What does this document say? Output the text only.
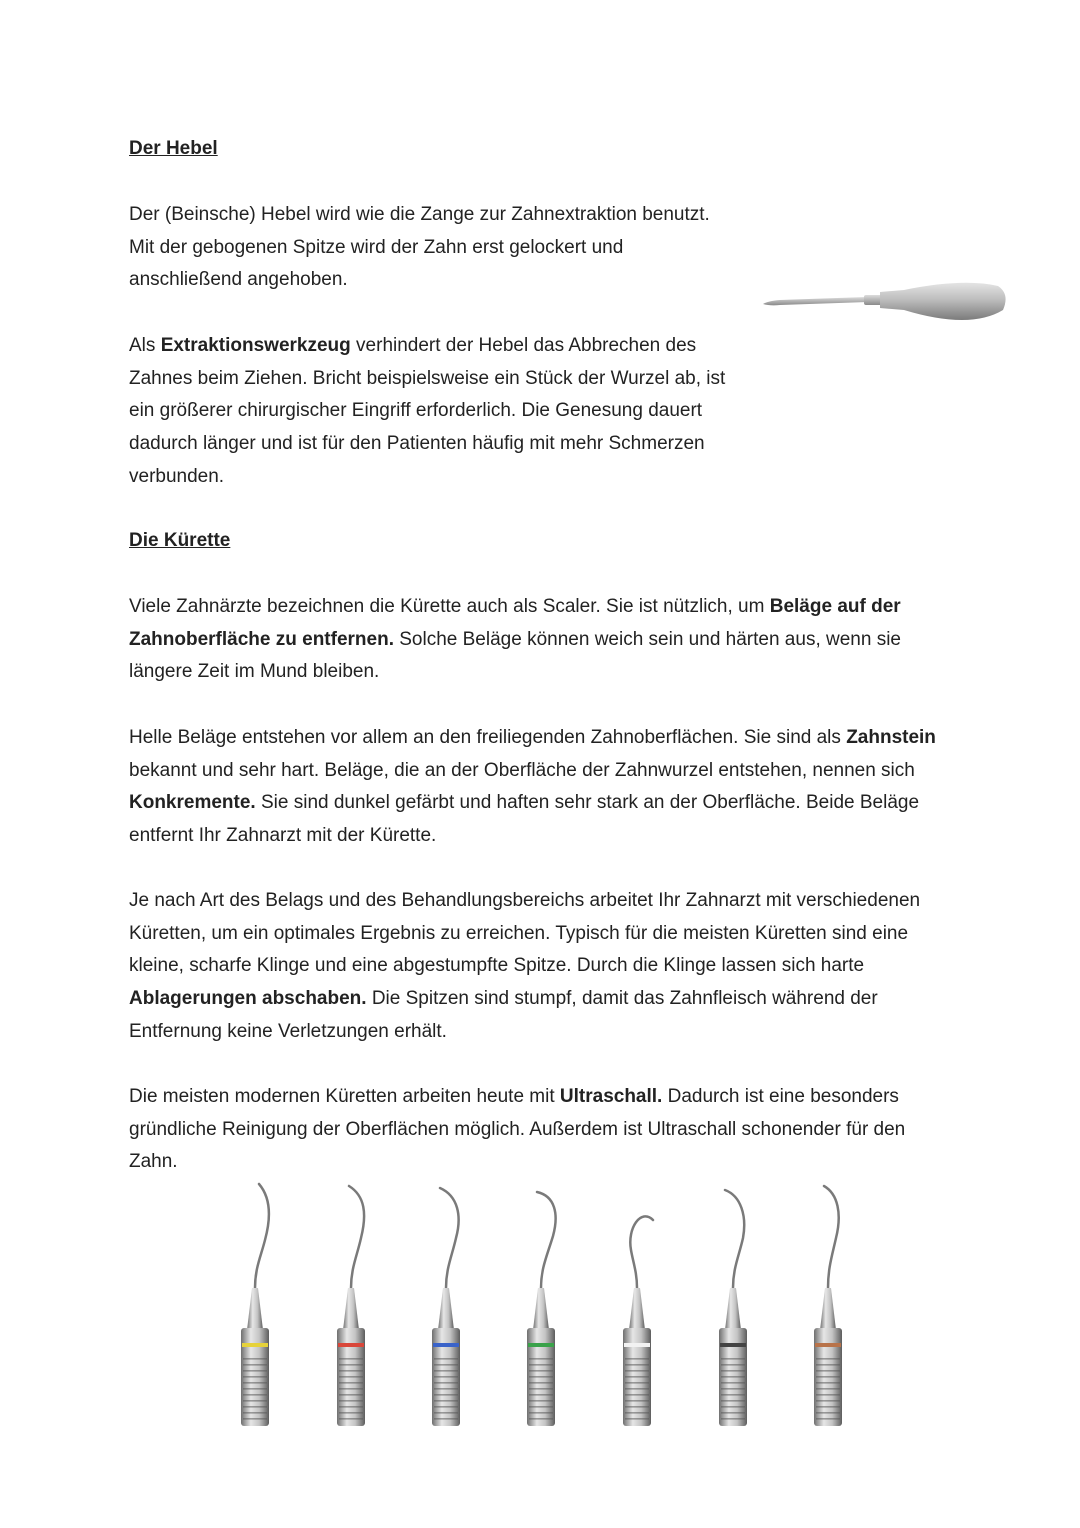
Der Hebel

Der (Beinsche) Hebel wird wie die Zange zur Zahnextraktion benutzt. Mit der gebogenen Spitze wird der Zahn erst gelockert und anschließend angehoben.

Als Extraktionswerkzeug verhindert der Hebel das Abbrechen des Zahnes beim Ziehen. Bricht beispielsweise ein Stück der Wurzel ab, ist ein größerer chirurgischer Eingriff erforderlich. Die Genesung dauert dadurch länger und ist für den Patienten häufig mit mehr Schmerzen verbunden.

Die Kürette

Viele Zahnärzte bezeichnen die Kürette auch als Scaler. Sie ist nützlich, um Beläge auf der Zahnoberfläche zu entfernen. Solche Beläge können weich sein und härten aus, wenn sie längere Zeit im Mund bleiben.

Helle Beläge entstehen vor allem an den freiliegenden Zahnoberflächen. Sie sind als Zahnstein bekannt und sehr hart. Beläge, die an der Oberfläche der Zahnwurzel entstehen, nennen sich Konkremente. Sie sind dunkel gefärbt und haften sehr stark an der Oberfläche. Beide Beläge entfernt Ihr Zahnarzt mit der Kürette.

Je nach Art des Belags und des Behandlungsbereichs arbeitet Ihr Zahnarzt mit verschiedenen Küretten, um ein optimales Ergebnis zu erreichen. Typisch für die meisten Küretten sind eine kleine, scharfe Klinge und eine abgestumpfte Spitze. Durch die Klinge lassen sich harte Ablagerungen abschaben. Die Spitzen sind stumpf, damit das Zahnfleisch während der Entfernung keine Verletzungen erhält.

Die meisten modernen Küretten arbeiten heute mit Ultraschall. Dadurch ist eine besonders gründliche Reinigung der Oberflächen möglich. Außerdem ist Ultraschall schonender für den Zahn.
